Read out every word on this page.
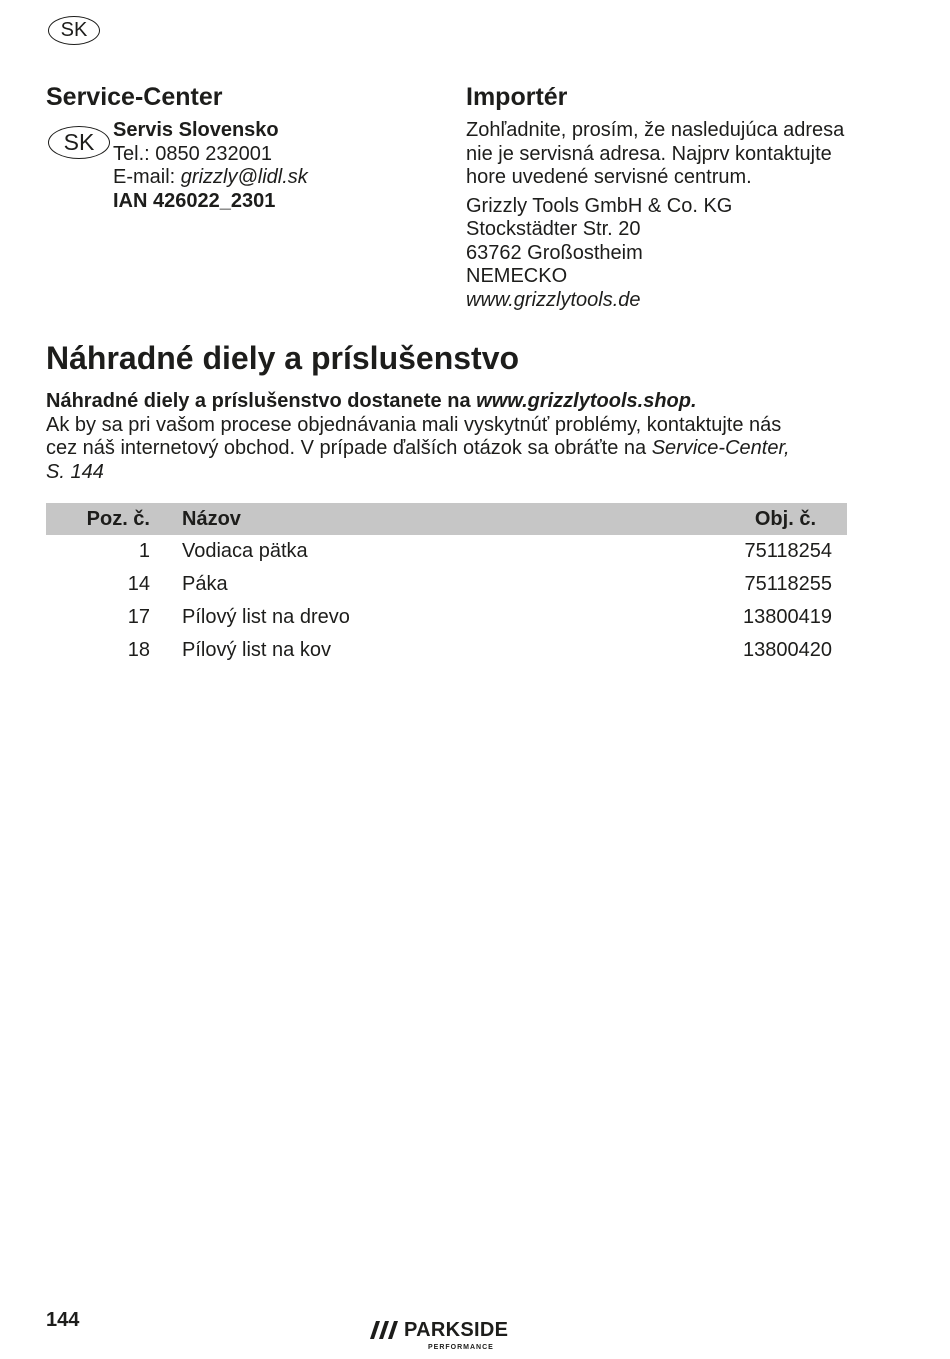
SK
Service-Center
Servis Slovensko
Tel.: 0850 232001
E-mail: grizzly@lidl.sk
IAN 426022_2301
SK
Importér
Zohľadnite, prosím, že nasledujúca adresa
nie je servisná adresa. Najprv kontaktujte
hore uvedené servisné centrum.
Grizzly Tools GmbH & Co. KG
Stockstädter Str. 20
63762 Großostheim
NEMECKO
www.grizzlytools.de
Náhradné diely a príslušenstvo
Náhradné diely a príslušenstvo dostanete na www.grizzlytools.shop.
Ak by sa pri vašom procese objednávania mali vyskytnúť problémy, kontaktujte nás
cez náš internetový obchod. V prípade ďalších otázok sa obráťte na Service-Center,
S. 144
Poz. č.	Názov	Obj. č.
1	Vodiaca pätka	75118254
14	Páka	75118255
17	Pílový list na drevo	13800419
18	Pílový list na kov	13800420
144	PARKSIDE
PERFORMANCE
